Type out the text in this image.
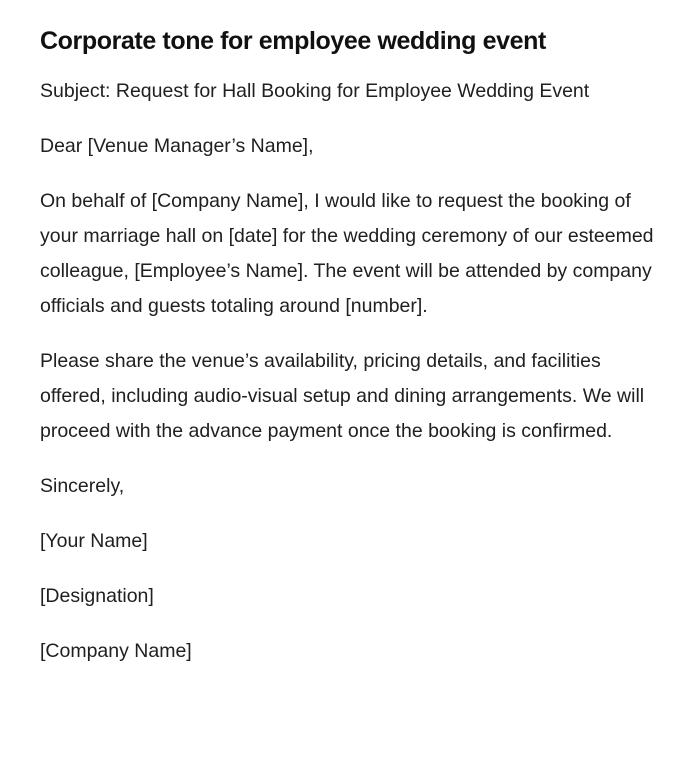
Corporate tone for employee wedding event

Subject: Request for Hall Booking for Employee Wedding Event

Dear [Venue Manager’s Name],

On behalf of [Company Name], I would like to request the booking of your marriage hall on [date] for the wedding ceremony of our esteemed colleague, [Employee’s Name]. The event will be attended by company officials and guests totaling around [number].

Please share the venue’s availability, pricing details, and facilities offered, including audio-visual setup and dining arrangements. We will proceed with the advance payment once the booking is confirmed.

Sincerely,

[Your Name]

[Designation]

[Company Name]
